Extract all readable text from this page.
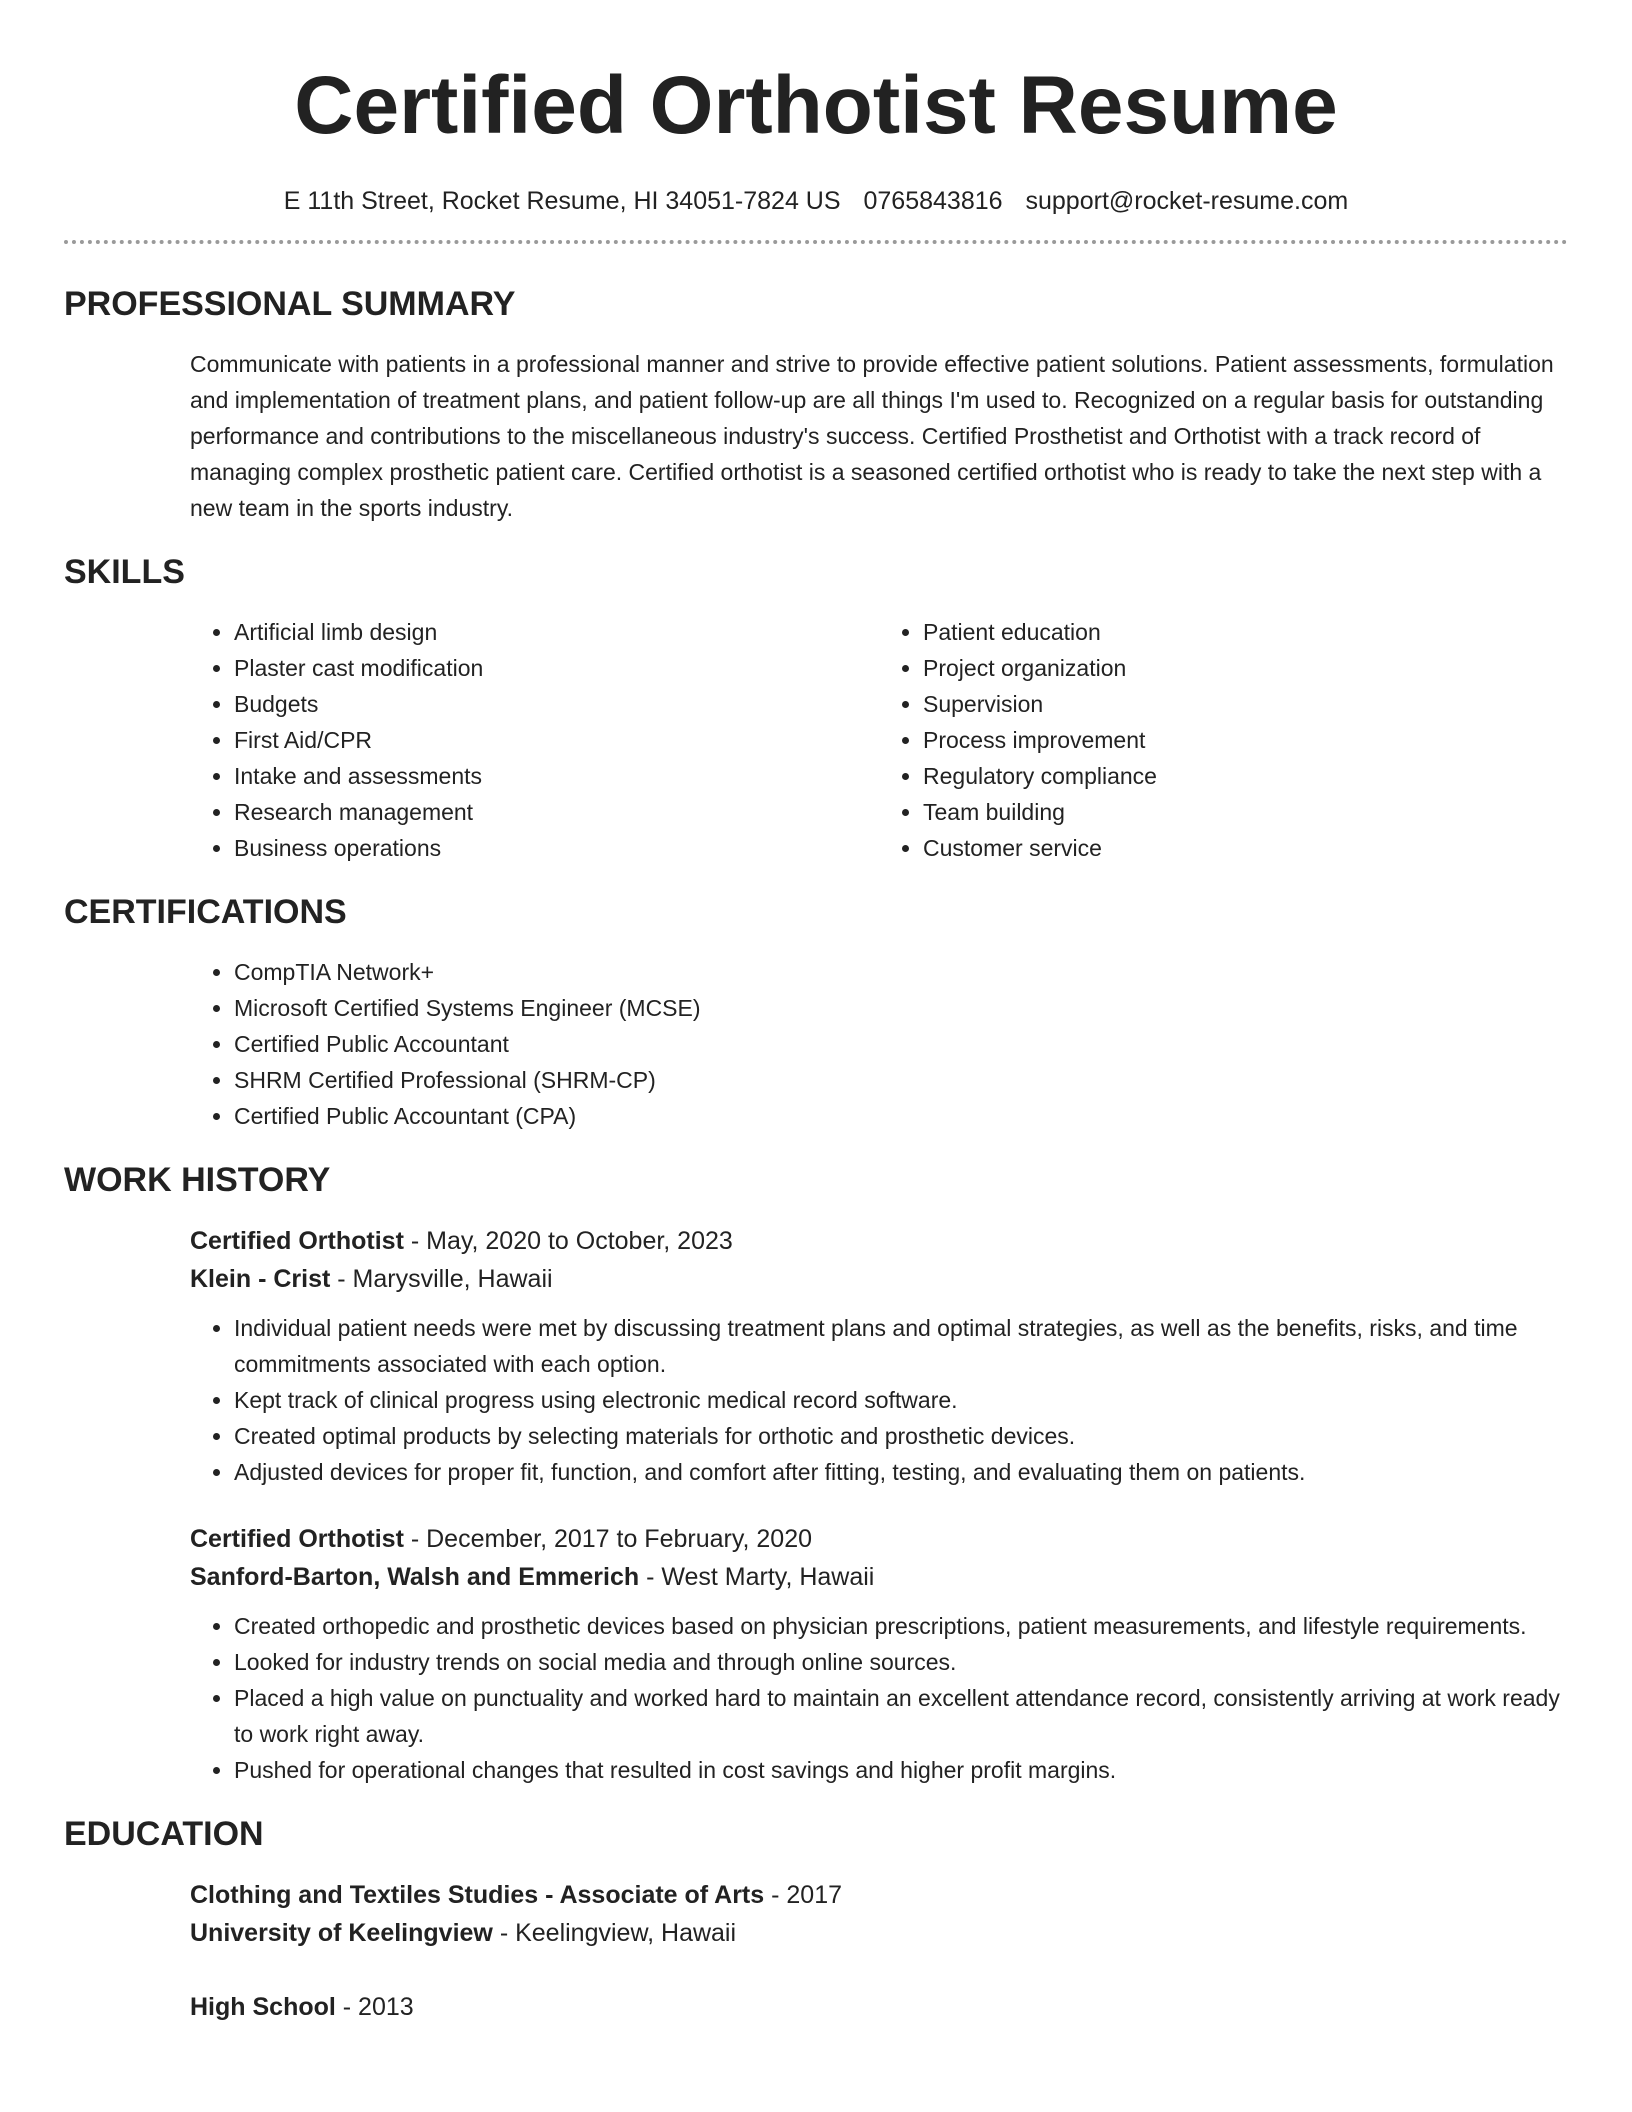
Certified Orthotist Resume
E 11th Street, Rocket Resume, HI 34051-7824 US 0765843816 support@rocket-resume.com
PROFESSIONAL SUMMARY

Communicate with patients in a professional manner and strive to provide effective patient solutions. Patient assessments, formulation and implementation of treatment plans, and patient follow-up are all things I'm used to. Recognized on a regular basis for outstanding performance and contributions to the miscellaneous industry's success. Certified Prosthetist and Orthotist with a track record of managing complex prosthetic patient care. Certified orthotist is a seasoned certified orthotist who is ready to take the next step with a new team in the sports industry.

SKILLS
• Artificial limb design
• Plaster cast modification
• Budgets
• First Aid/CPR
• Intake and assessments
• Research management
• Business operations
• Patient education
• Project organization
• Supervision
• Process improvement
• Regulatory compliance
• Team building
• Customer service
CERTIFICATIONS
• CompTIA Network+
• Microsoft Certified Systems Engineer (MCSE)
• Certified Public Accountant
• SHRM Certified Professional (SHRM-CP)
• Certified Public Accountant (CPA)
WORK HISTORY
Certified Orthotist - May, 2020 to October, 2023
Klein - Crist - Marysville, Hawaii
• Individual patient needs were met by discussing treatment plans and optimal strategies, as well as the benefits, risks, and time commitments associated with each option.
• Kept track of clinical progress using electronic medical record software.
• Created optimal products by selecting materials for orthotic and prosthetic devices.
• Adjusted devices for proper fit, function, and comfort after fitting, testing, and evaluating them on patients.
Certified Orthotist - December, 2017 to February, 2020
Sanford-Barton, Walsh and Emmerich - West Marty, Hawaii
• Created orthopedic and prosthetic devices based on physician prescriptions, patient measurements, and lifestyle requirements.
• Looked for industry trends on social media and through online sources.
• Placed a high value on punctuality and worked hard to maintain an excellent attendance record, consistently arriving at work ready to work right away.
• Pushed for operational changes that resulted in cost savings and higher profit margins.
EDUCATION
Clothing and Textiles Studies - Associate of Arts - 2017
University of Keelingview - Keelingview, Hawaii
High School - 2013
